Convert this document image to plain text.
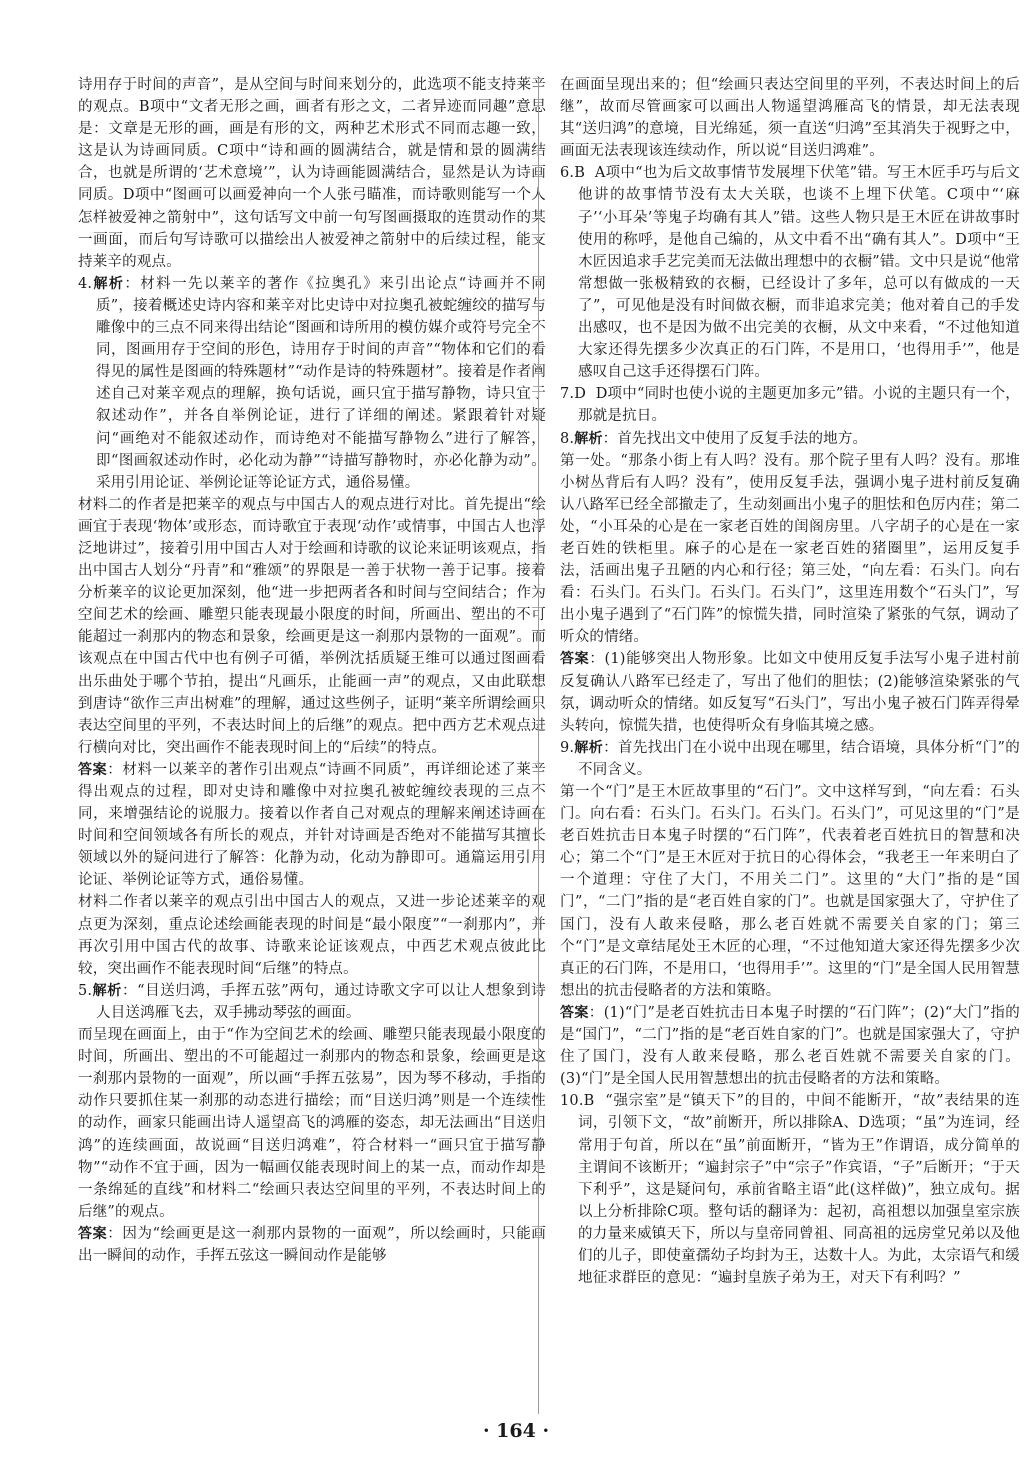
诗用存于时间的声音”，是从空间与时间来划分的，此选项不能支持莱辛的观点。B项中“文者无形之画，画者有形之文，二者异迹而同趣”意思是：文章是无形的画，画是有形的文，两种艺术形式不同而志趣一致，这是认为诗画同质。C项中“诗和画的圆满结合，就是情和景的圆满结合，也就是所谓的‘艺术意境’”，认为诗画能圆满结合，显然是认为诗画同质。D项中“图画可以画爱神向一个人张弓瞄准，而诗歌则能写一个人怎样被爱神之箭射中”，这句话写文中前一句写图画摄取的连贯动作的某一画面，而后句写诗歌可以描绘出人被爱神之箭射中的后续过程，能支持莱辛的观点。

4.解析：材料一先以莱辛的著作《拉奥孔》来引出论点“诗画并不同质”，接着概述史诗内容和莱辛对比史诗中对拉奥孔被蛇缠绞的描写与雕像中的三点不同来得出结论“图画和诗所用的模仿媒介或符号完全不同，图画用存于空间的形色，诗用存于时间的声音”“物体和它们的看得见的属性是图画的特殊题材”“动作是诗的特殊题材”。接着是作者阐述自己对莱辛观点的理解，换句话说，画只宜于描写静物，诗只宜于叙述动作”，并各自举例论证，进行了详细的阐述。紧跟着针对疑问“画绝对不能叙述动作，而诗绝对不能描写静物么”进行了解答，即“图画叙述动作时，必化动为静”“诗描写静物时，亦必化静为动”。采用引用论证、举例论证等论证方式，通俗易懂。

材料二的作者是把莱辛的观点与中国古人的观点进行对比。首先提出“绘画宜于表现‘物体’或形态，而诗歌宜于表现‘动作’或情事，中国古人也浮泛地讲过”，接着引用中国古人对于绘画和诗歌的议论来证明该观点，指出中国古人划分“丹青”和“雅颂”的界限是一善于状物一善于记事。接着分析莱辛的议论更加深刻，他“进一步把两者各和时间与空间结合；作为空间艺术的绘画、雕塑只能表现最小限度的时间，所画出、塑出的不可能超过一刹那内的物态和景象，绘画更是这一刹那内景物的一面观”。而该观点在中国古代中也有例子可循，举例沈括质疑王维可以通过图画看出乐曲处于哪个节拍，提出“凡画乐，止能画一声”的观点，又由此联想到唐诗“欲作三声出树难”的理解，通过这些例子，证明“莱辛所谓绘画只表达空间里的平列，不表达时间上的后继”的观点。把中西方艺术观点进行横向对比，突出画作不能表现时间上的“后续”的特点。

答案：材料一以莱辛的著作引出观点“诗画不同质”，再详细论述了莱辛得出观点的过程，即对史诗和雕像中对拉奥孔被蛇缠绞表现的三点不同，来增强结论的说服力。接着以作者自己对观点的理解来阐述诗画在时间和空间领域各有所长的观点，并针对诗画是否绝对不能描写其擅长领域以外的疑问进行了解答：化静为动，化动为静即可。通篇运用引用论证、举例论证等方式，通俗易懂。

材料二作者以莱辛的观点引出中国古人的观点，又进一步论述莱辛的观点更为深刻，重点论述绘画能表现的时间是“最小限度”“一刹那内”，并再次引用中国古代的故事、诗歌来论证该观点，中西艺术观点彼此比较，突出画作不能表现时间“后继”的特点。

5.解析：“目送归鸿，手挥五弦”两句，通过诗歌文字可以让人想象到诗人目送鸿雁飞去，双手拂动琴弦的画面。

而呈现在画面上，由于“作为空间艺术的绘画、雕塑只能表现最小限度的时间，所画出、塑出的不可能超过一刹那内的物态和景象，绘画更是这一刹那内景物的一面观”，所以画“手挥五弦易”，因为琴不移动，手指的动作只要抓住某一刹那的动态进行描绘；而“目送归鸿”则是一个连续性的动作，画家只能画出诗人遥望高飞的鸿雁的姿态，却无法画出“目送归鸿”的连续画面，故说画“目送归鸿难”，符合材料一“画只宜于描写静物”“动作不宜于画，因为一幅画仅能表现时间上的某一点，而动作却是一条绵延的直线”和材料二“绘画只表达空间里的平列，不表达时间上的后继”的观点。

答案：因为“绘画更是这一刹那内景物的一面观”，所以绘画时，只能画出一瞬间的动作，手挥五弦这一瞬间动作是能够

在画面呈现出来的；但“绘画只表达空间里的平列，不表达时间上的后继”，故而尽管画家可以画出人物遥望鸿雁高飞的情景，却无法表现其“送归鸿”的意境，目光绵延，须一直送“归鸿”至其消失于视野之中，画面无法表现该连续动作，所以说“目送归鸿难”。

6.B A项中“也为后文故事情节发展埋下伏笔”错。写王木匠手巧与后文他讲的故事情节没有太大关联，也谈不上埋下伏笔。C项中“‘麻子’‘小耳朵’等鬼子均确有其人”错。这些人物只是王木匠在讲故事时使用的称呼，是他自己编的，从文中看不出“确有其人”。D项中“王木匠因追求手艺完美而无法做出理想中的衣橱”错。文中只是说“他常常想做一张极精致的衣橱，已经设计了多年，总可以有做成的一天了”，可见他是没有时间做衣橱，而非追求完美；他对着自己的手发出感叹，也不是因为做不出完美的衣橱，从文中来看，“不过他知道大家还得先摆多少次真正的石门阵，不是用口，‘也得用手’”，他是感叹自己这手还得摆石门阵。

7.D D项中“同时也使小说的主题更加多元”错。小说的主题只有一个，那就是抗日。

8.解析：首先找出文中使用了反复手法的地方。

第一处。“那条小街上有人吗？没有。那个院子里有人吗？没有。那堆小树丛背后有人吗？没有”，使用反复手法，强调小鬼子进村前反复确认八路军已经全部撤走了，生动刻画出小鬼子的胆怯和色厉内荏；第二处，“小耳朵的心是在一家老百姓的闺阁房里。八字胡子的心是在一家老百姓的铁柜里。麻子的心是在一家老百姓的猪圈里”，运用反复手法，活画出鬼子丑陋的内心和行径；第三处，“向左看：石头门。向右看：石头门。石头门。石头门。石头门”，这里连用数个“石头门”，写出小鬼子遇到了“石门阵”的惊慌失措，同时渲染了紧张的气氛，调动了听众的情绪。

答案：(1)能够突出人物形象。比如文中使用反复手法写小鬼子进村前反复确认八路军已经走了，写出了他们的胆怯；(2)能够渲染紧张的气氛，调动听众的情绪。如反复写“石头门”，写出小鬼子被石门阵弄得晕头转向，惊慌失措，也使得听众有身临其境之感。

9.解析：首先找出门在小说中出现在哪里，结合语境，具体分析“门”的不同含义。

第一个“门”是王木匠故事里的“石门”。文中这样写到，“向左看：石头门。向右看：石头门。石头门。石头门。石头门”，可见这里的“门”是老百姓抗击日本鬼子时摆的“石门阵”，代表着老百姓抗日的智慧和决心；第二个“门”是王木匠对于抗日的心得体会，“我老王一年来明白了一个道理：守住了大门，不用关二门”。这里的“大门”指的是“国门”，“二门”指的是“老百姓自家的门”。也就是国家强大了，守护住了国门，没有人敢来侵略，那么老百姓就不需要关自家的门；第三个“门”是文章结尾处王木匠的心理，“不过他知道大家还得先摆多少次真正的石门阵，不是用口，‘也得用手’”。这里的“门”是全国人民用智慧想出的抗击侵略者的方法和策略。

答案：(1)“门”是老百姓抗击日本鬼子时摆的“石门阵”；(2)“大门”指的是“国门”，“二门”指的是“老百姓自家的门”。也就是国家强大了，守护住了国门，没有人敢来侵略，那么老百姓就不需要关自家的门。(3)“门”是全国人民用智慧想出的抗击侵略者的方法和策略。

10.B “强宗室”是“镇天下”的目的，中间不能断开，“故”表结果的连词，引领下文，“故”前断开，所以排除A、D选项；“虽”为连词，经常用于句首，所以在“虽”前面断开，“皆为王”作谓语，成分简单的主谓间不该断开；“遍封宗子”中“宗子”作宾语，“子”后断开；“于天下利乎”，这是疑问句，承前省略主语“此(这样做)”，独立成句。据以上分析排除C项。整句话的翻译为：起初，高祖想以加强皇室宗族的力量来威镇天下，所以与皇帝同曾祖、同高祖的远房堂兄弟以及他们的儿子，即使童孺幼子均封为王，达数十人。为此，太宗语气和缓地征求群臣的意见：“遍封皇族子弟为王，对天下有利吗？”

· 164 ·
